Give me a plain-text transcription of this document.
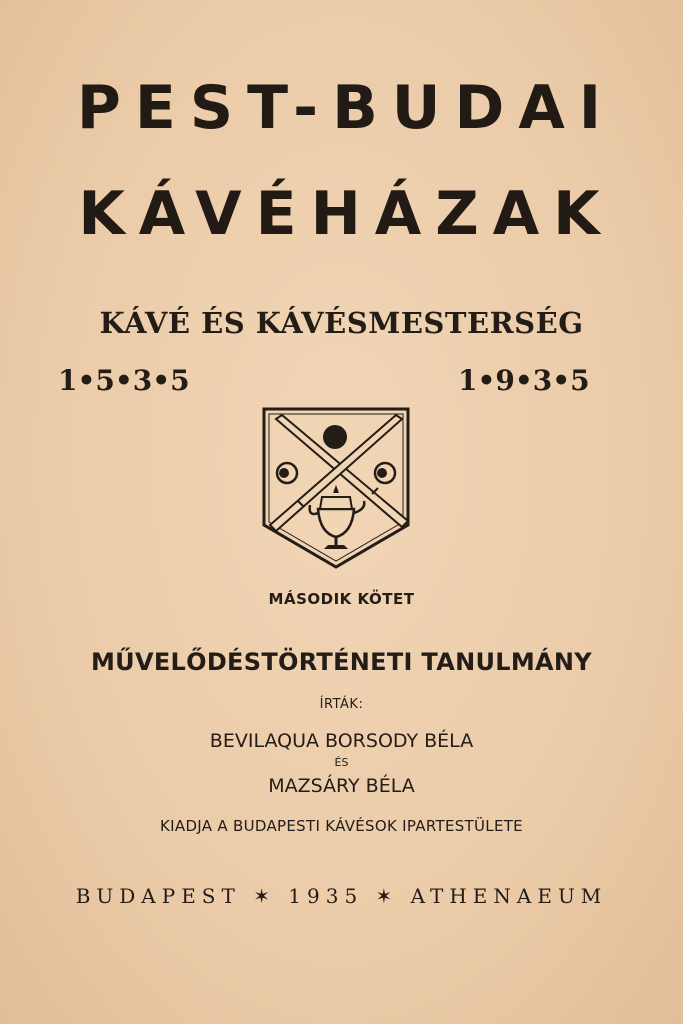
PEST-BUDAI
KÁVÉHÁZAK
KÁVÉ ÉS KÁVÉSMESTERSÉG
1•5•3•5	1•9•3•5
MÁSODIK KÖTET
MŰVELŐDÉSTÖRTÉNETI TANULMÁNY
ÍRTÁK:
BEVILAQUA BORSODY BÉLA
ÉS
MAZSÁRY BÉLA
KIADJA A BUDAPESTI KÁVÉSOK IPARTESTÜLETE
BUDAPEST ✶ 1935 ✶ ATHENAEUM
